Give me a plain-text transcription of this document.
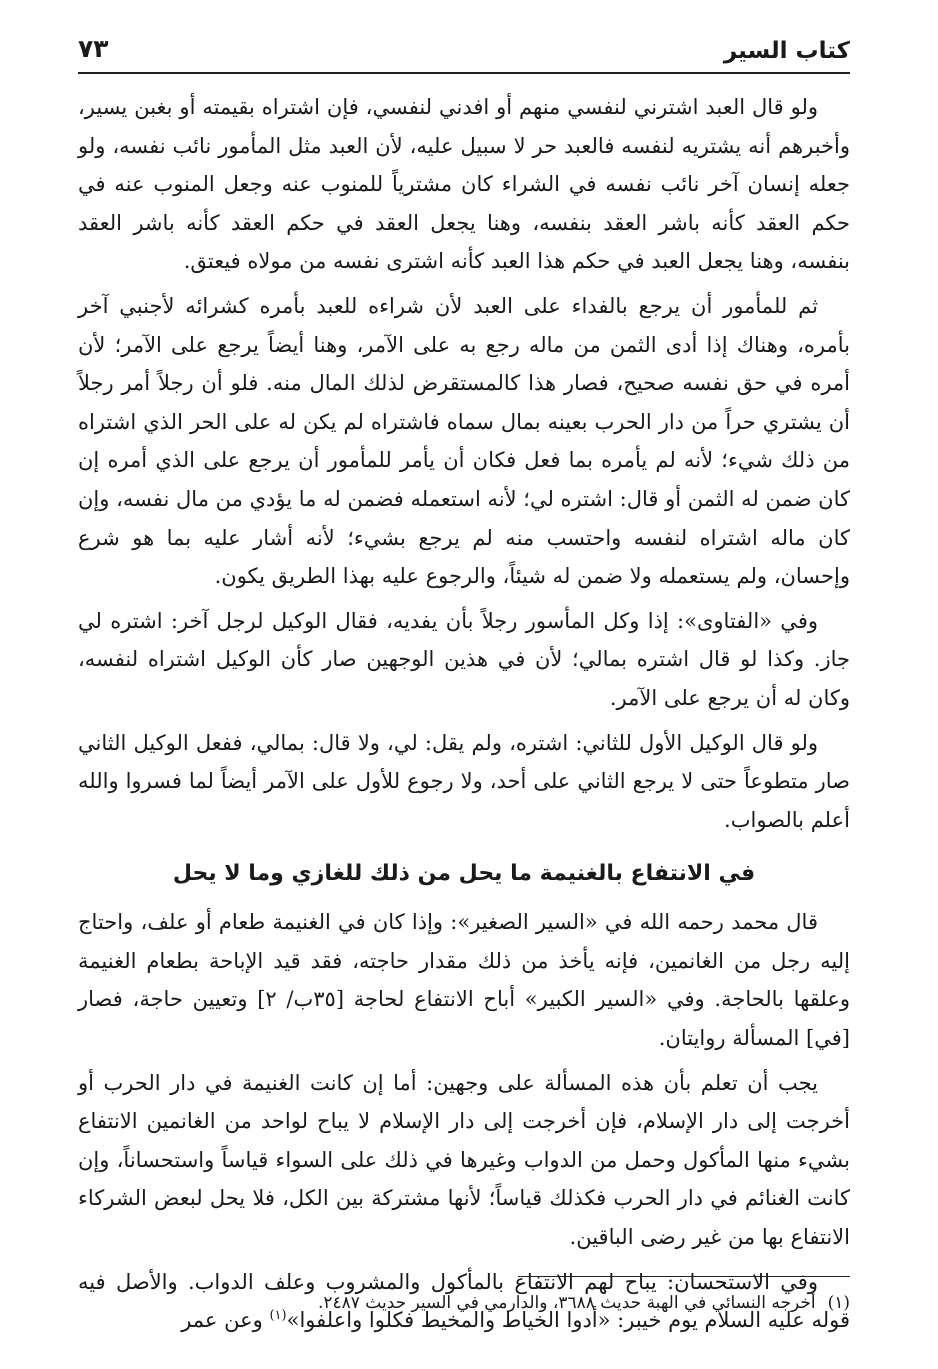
كتاب السير
٧٣

ولو قال العبد اشترني لنفسي منهم أو افدني لنفسي، فإن اشتراه بقيمته أو بغبن يسير، وأخبرهم أنه يشتريه لنفسه فالعبد حر لا سبيل عليه، لأن العبد مثل المأمور نائب نفسه، ولو جعله إنسان آخر نائب نفسه في الشراء كان مشترياً للمنوب عنه وجعل المنوب عنه في حكم العقد كأنه باشر العقد بنفسه، وهنا يجعل العقد في حكم العقد كأنه باشر العقد بنفسه، وهنا يجعل العبد في حكم هذا العبد كأنه اشترى نفسه من مولاه فيعتق.

ثم للمأمور أن يرجع بالفداء على العبد لأن شراءه للعبد بأمره كشرائه لأجنبي آخر بأمره، وهناك إذا أدى الثمن من ماله رجع به على الآمر، وهنا أيضاً يرجع على الآمر؛ لأن أمره في حق نفسه صحيح، فصار هذا كالمستقرض لذلك المال منه. فلو أن رجلاً أمر رجلاً أن يشتري حراً من دار الحرب بعينه بمال سماه فاشتراه لم يكن له على الحر الذي اشتراه من ذلك شيء؛ لأنه لم يأمره بما فعل فكان أن يأمر للمأمور أن يرجع على الذي أمره إن كان ضمن له الثمن أو قال: اشتره لي؛ لأنه استعمله فضمن له ما يؤدي من مال نفسه، وإن كان ماله اشتراه لنفسه واحتسب منه لم يرجع بشيء؛ لأنه أشار عليه بما هو شرع وإحسان، ولم يستعمله ولا ضمن له شيئاً، والرجوع عليه بهذا الطريق يكون.

وفي «الفتاوى»: إذا وكل المأسور رجلاً بأن يفديه، فقال الوكيل لرجل آخر: اشتره لي جاز. وكذا لو قال اشتره بمالي؛ لأن في هذين الوجهين صار كأن الوكيل اشتراه لنفسه، وكان له أن يرجع على الآمر.

ولو قال الوكيل الأول للثاني: اشتره، ولم يقل: لي، ولا قال: بمالي، ففعل الوكيل الثاني صار متطوعاً حتى لا يرجع الثاني على أحد، ولا رجوع للأول على الآمر أيضاً لما فسروا والله أعلم بالصواب.

في الانتفاع بالغنيمة ما يحل من ذلك للغازي وما لا يحل

قال محمد رحمه الله في «السير الصغير»: وإذا كان في الغنيمة طعام أو علف، واحتاج إليه رجل من الغانمين، فإنه يأخذ من ذلك مقدار حاجته، فقد قيد الإباحة بطعام الغنيمة وعلقها بالحاجة. وفي «السير الكبير» أباح الانتفاع لحاجة [٣٥ب/ ٢] وتعيين حاجة، فصار [في] المسألة روايتان.

يجب أن تعلم بأن هذه المسألة على وجهين: أما إن كانت الغنيمة في دار الحرب أو أخرجت إلى دار الإسلام، فإن أخرجت إلى دار الإسلام لا يباح لواحد من الغانمين الانتفاع بشيء منها المأكول وحمل من الدواب وغيرها في ذلك على السواء قياساً واستحساناً، وإن كانت الغنائم في دار الحرب فكذلك قياساً؛ لأنها مشتركة بين الكل، فلا يحل لبعض الشركاء الانتفاع بها من غير رضى الباقين.

وفي الاستحسان: يباح لهم الانتفاع بالمأكول والمشروب وعلف الدواب. والأصل فيه قوله عليه السلام يوم خيبر: «أدوا الخياط والمخيط فكلوا واعلفوا»$^{(١)}$ وعن عمر

(١)أخرجه النسائي في الهبة حديث ٣٦٨٨، والدارمي في السير حديث ٢٤٨٧.
